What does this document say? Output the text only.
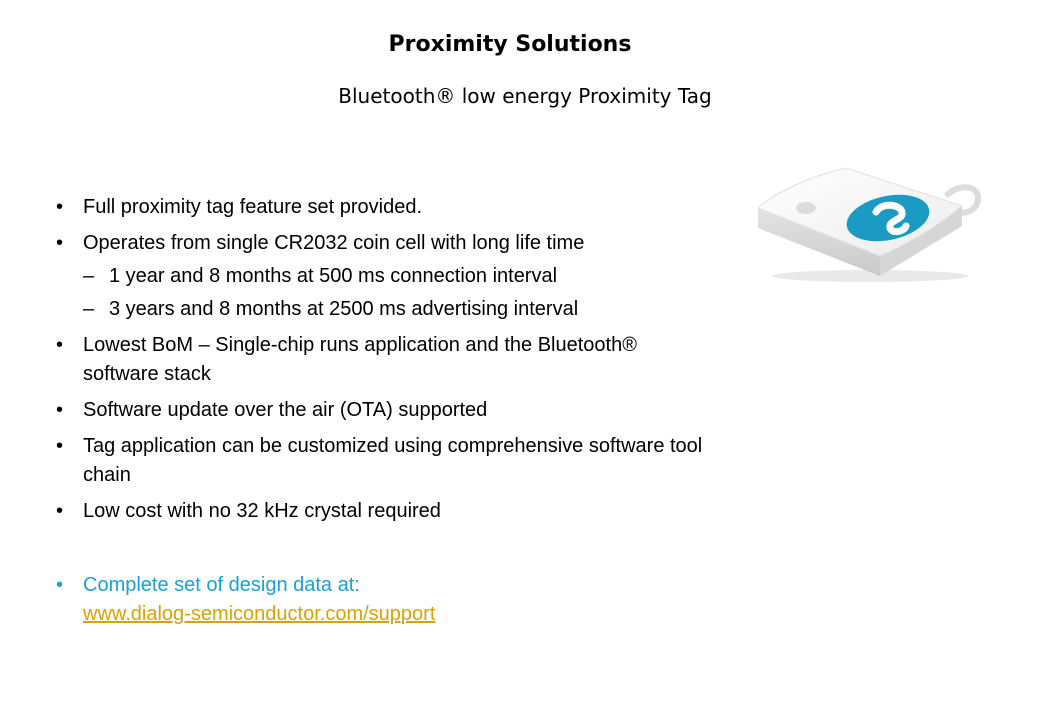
Proximity Solutions
Bluetooth® low energy Proximity Tag
• Full proximity tag feature set provided.
• Operates from single CR2032 coin cell with long life time
– 1 year and 8 months at 500 ms connection interval
– 3 years and 8 months at 2500 ms advertising interval
• Lowest BoM – Single-chip runs application and the Bluetooth® software stack
• Software update over the air (OTA) supported
• Tag application can be customized using comprehensive software tool chain
• Low cost with no 32 kHz crystal required
• Complete set of design data at:
www.dialog-semiconductor.com/support
